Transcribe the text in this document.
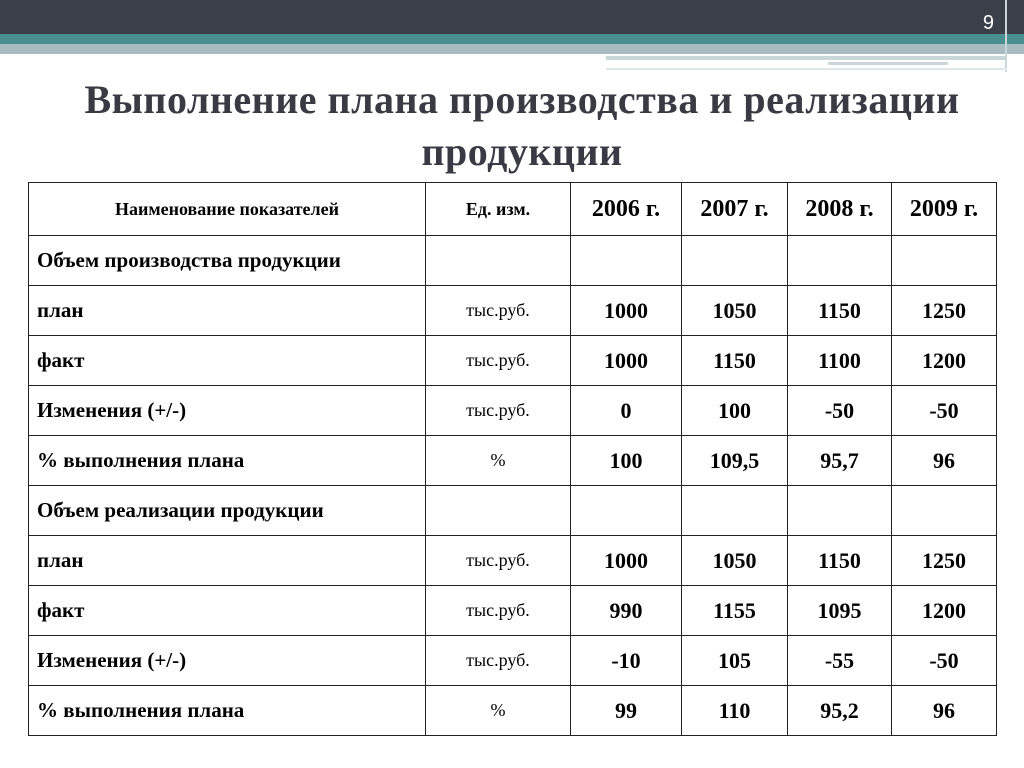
9
Выполнение плана производства и реализации
продукции
Наименование показателей	Ед. изм.	2006 г.	2007 г.	2008 г.	2009 г.
Объем производства продукции					
план	тыс.руб.	1000	1050	1150	1250
факт	тыс.руб.	1000	1150	1100	1200
Изменения (+/-)	тыс.руб.	0	100	-50	-50
% выполнения плана	%	100	109,5	95,7	96
Объем реализации продукции					
план	тыс.руб.	1000	1050	1150	1250
факт	тыс.руб.	990	1155	1095	1200
Изменения (+/-)	тыс.руб.	-10	105	-55	-50
% выполнения плана	%	99	110	95,2	96
